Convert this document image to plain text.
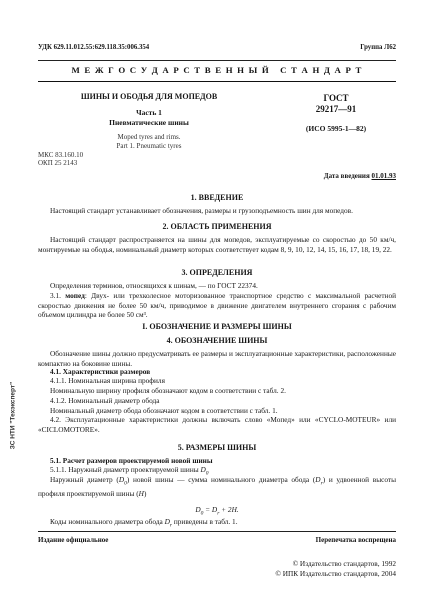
УДК 629.11.012.55:629.118.35:006.354	Группа Л62
М Е Ж Г О С У Д А Р С Т В Е Н Н Ы Й   С Т А Н Д А Р Т
ШИНЫ И ОБОДЬЯ ДЛЯ МОПЕДОВ
Часть 1
Пневматические шины
Moped tyres and rims.
Part 1. Pneumatic tyres
МКС 83.160.10
ОКП 25 2143
ГОСТ
29217—91
(ИСО 5995-1—82)
Дата введения 01.01.93
1. ВВЕДЕНИЕ
Настоящий стандарт устанавливает обозначения, размеры и грузоподъемность шин для мопедов.
2. ОБЛАСТЬ ПРИМЕНЕНИЯ
Настоящий стандарт распространяется на шины для мопедов, эксплуатируемые со скоростью до 50 км/ч, монтируемые на ободья, номинальный диаметр которых соответствует кодам 8, 9, 10, 12, 14, 15, 16, 17, 18, 19, 22.
3. ОПРЕДЕЛЕНИЯ
Определения терминов, относящихся к шинам, — по ГОСТ 22374.
3.1. мопед: Двух- или трехколесное моторизованное транспортное средство с максимальной расчетной скоростью движения не более 50 км/ч, приводимое в движение двигателем внутреннего сгорания с рабочим объемом цилиндра не более 50 см³.
I. ОБОЗНАЧЕНИЕ И РАЗМЕРЫ ШИНЫ
4. ОБОЗНАЧЕНИЕ ШИНЫ
Обозначение шины должно предусматривать ее размеры и эксплуатационные характеристики, расположенные компактно на боковине шины.
4.1. Характеристики размеров
4.1.1. Номинальная ширина профиля
Номинальную ширину профиля обозначают кодом в соответствии с табл. 2.
4.1.2. Номинальный диаметр обода
Номинальный диаметр обода обозначают кодом в соответствии с табл. 1.
4.2. Эксплуатационные характеристики должны включать слово «Мопед» или «CYCLO-MOTEUR» или «CICLOMOTORE».
5. РАЗМЕРЫ ШИНЫ
5.1. Расчет размеров проектируемой новой шины
5.1.1. Наружный диаметр проектируемой шины $D_0$
Наружный диаметр $(D_0)$ новой шины — сумма номинального диаметра обода $(D_r)$ и удвоенной высоты профиля проектируемой шины (H)
$D_0 = D_r + 2H$.
Коды номинального диаметра обода $D_r$ приведены в табл. 1.
Издание официальное	Перепечатка воспрещена
© Издательство стандартов, 1992
© ИПК Издательство стандартов, 2004
ЗС НТИ "Техэксперт"
